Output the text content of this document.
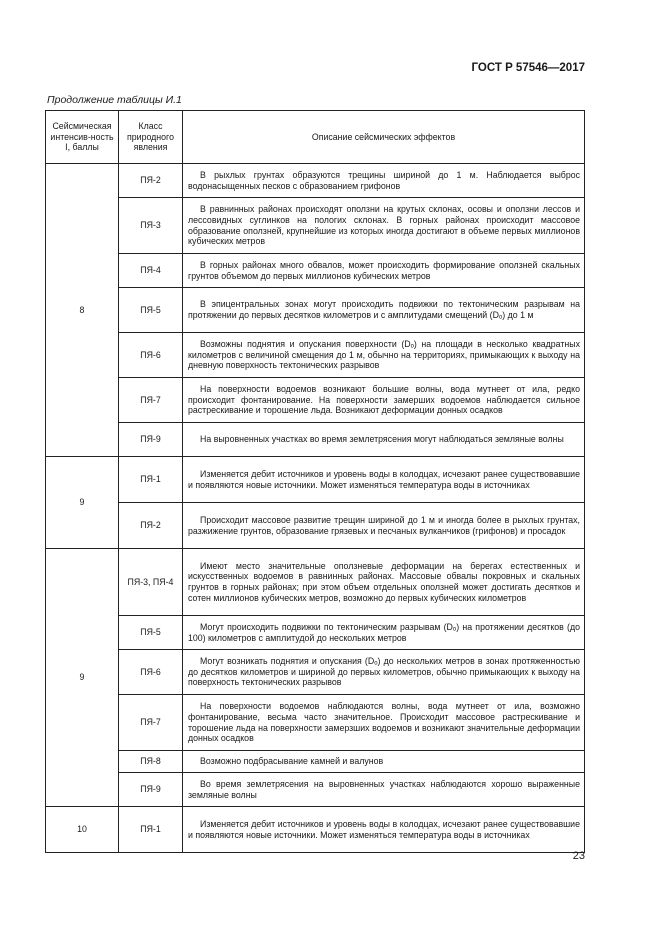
ГОСТ Р 57546—2017
Продолжение таблицы И.1
Сейсмическая интенсив-ность I, баллы	Класс природного явления	Описание сейсмических эффектов
8	ПЯ-2	В рыхлых грунтах образуются трещины шириной до 1 м. Наблюдается выброс водонасыщенных песков с образованием грифонов
	ПЯ-3	В равнинных районах происходят оползни на крутых склонах, осовы и оползни лессов и лессовидных суглинков на пологих склонах. В горных районах происходит массовое образование оползней, крупнейшие из которых иногда достигают в объеме первых миллионов кубических метров
	ПЯ-4	В горных районах много обвалов, может происходить формирование оползней скальных грунтов объемом до первых миллионов кубических метров
	ПЯ-5	В эпицентральных зонах могут происходить подвижки по тектоническим разрывам на протяжении до первых десятков километров и с амплитудами смещений (Dₒ) до 1 м
	ПЯ-6	Возможны поднятия и опускания поверхности (Dₒ) на площади в несколько квадратных километров с величиной смещения до 1 м, обычно на территориях, примыкающих к выходу на дневную поверхность тектонических разрывов
	ПЯ-7	На поверхности водоемов возникают большие волны, вода мутнеет от ила, редко происходит фонтанирование. На поверхности замерших водоемов наблюдается сильное растрескивание и торошение льда. Возникают деформации донных осадков
	ПЯ-9	На выровненных участках во время землетрясения могут наблюдаться земляные волны
9	ПЯ-1	Изменяется дебит источников и уровень воды в колодцах, исчезают ранее существовавшие и появляются новые источники. Может изменяться температура воды в источниках
	ПЯ-2	Происходит массовое развитие трещин шириной до 1 м и иногда более в рыхлых грунтах, разжижение грунтов, образование грязевых и песчаных вулканчиков (грифонов) и просадок
9	ПЯ-3, ПЯ-4	Имеют место значительные оползневые деформации на берегах естественных и искусственных водоемов в равнинных районах. Массовые обвалы покровных и скальных грунтов в горных районах; при этом объем отдельных оползней может достигать десятков и сотен миллионов кубических метров, возможно до первых кубических километров
	ПЯ-5	Могут происходить подвижки по тектоническим разрывам (Dₒ) на протяжении десятков (до 100) километров с амплитудой до нескольких метров
	ПЯ-6	Могут возникать поднятия и опускания (Dₒ) до нескольких метров в зонах протяженностью до десятков километров и шириной до первых километров, обычно примыкающих к выходу на поверхность тектонических разрывов
	ПЯ-7	На поверхности водоемов наблюдаются волны, вода мутнеет от ила, возможно фонтанирование, весьма часто значительное. Происходит массовое растрескивание и торошение льда на поверхности замерзших водоемов и возникают значительные деформации донных осадков
	ПЯ-8	Возможно подбрасывание камней и валунов
	ПЯ-9	Во время землетрясения на выровненных участках наблюдаются хорошо выраженные земляные волны
10	ПЯ-1	Изменяется дебит источников и уровень воды в колодцах, исчезают ранее существовавшие и появляются новые источники. Может изменяться температура воды в источниках
23
